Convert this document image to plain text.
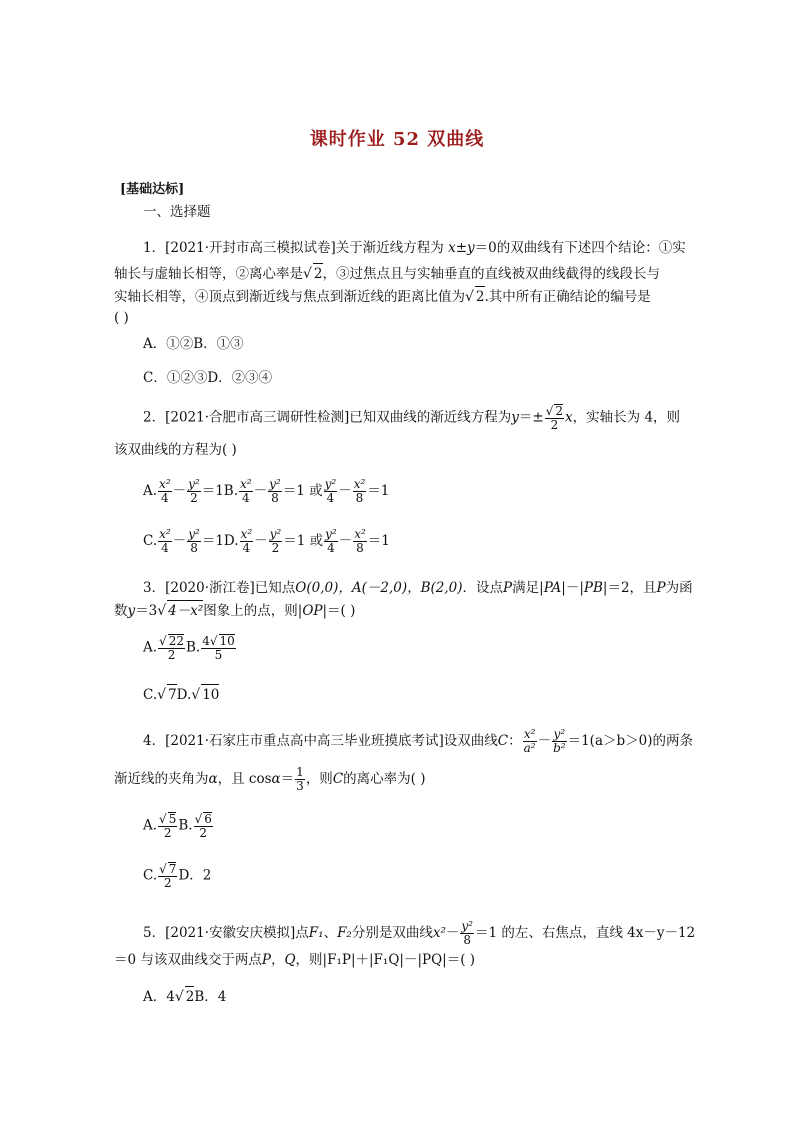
课时作业 52 双曲线
[基础达标]
一、选择题
1．[2021·开封市高三模拟试卷]关于渐近线方程为 x±y＝0的双曲线有下述四个结论：①实
轴长与虚轴长相等，②离心率是√ 2，③过焦点且与实轴垂直的直线被双曲线截得的线段长与
实轴长相等，④顶点到渐近线与焦点到渐近线的距离比值为√ 2.其中所有正确结论的编号是
( )
A．①②B．①③
C．①②③D．②③④
2．[2021·合肥市高三调研性检测]已知双曲线的渐近线方程为$y=\pm \frac{√ 2}{2}$ x，实轴长为 4，则
该双曲线的方程为( )
A. $\frac{\text{x²}}{4} - \frac{\text{y²}}{2} =1B$. $\frac{\text{x²}}{4} - \frac{\text{y²}}{8} =1$ 或 $\frac{\text{y²}}{4} - \frac{\text{x²}}{8} =1$
C. $\frac{\text{x²}}{4} - \frac{\text{y²}}{8} =1D$. $\frac{\text{x²}}{4} - \frac{\text{y²}}{2} =1$ 或 $\frac{\text{y²}}{4} - \frac{\text{x²}}{8} =1$
3．[2020·浙江卷]已知点O(0,0)，A(－2,0)，B(2,0)．设点P满足|PA|－|PB|＝2，且P为函
数y＝3√ 4－x²图象上的点，则|OP|＝( )
A. $\frac{√ 22}{2} B$. $\frac{4√ 10}{5}$
C.√ 7D.√ 10
4．[2021·石家庄市重点高中高三毕业班摸底考试]设双曲线C： $\frac{\text{x²}}{\text{a²}} - \frac{\text{y²}}{\text{b²}} =1(a>b>0)$的两条
渐近线的夹角为α，且 $\cos\alpha= \frac{1}{3}$ ，则C的离心率为( )
A. $\frac{√ 5}{2} B$. $\frac{√ 6}{2}$
C. $\frac{√ 7}{2}$ D．2
5．[2021·安徽安庆模拟]点F₁、F₂分别是双曲线$x^2- \frac{\text{y²}}{8} =1$ 的左、右焦点，直线 4x－y－12
＝0 与该双曲线交于两点P，Q，则|F₁P|＋|F₁Q|－|PQ|＝( )
A．4√ 2B．4
